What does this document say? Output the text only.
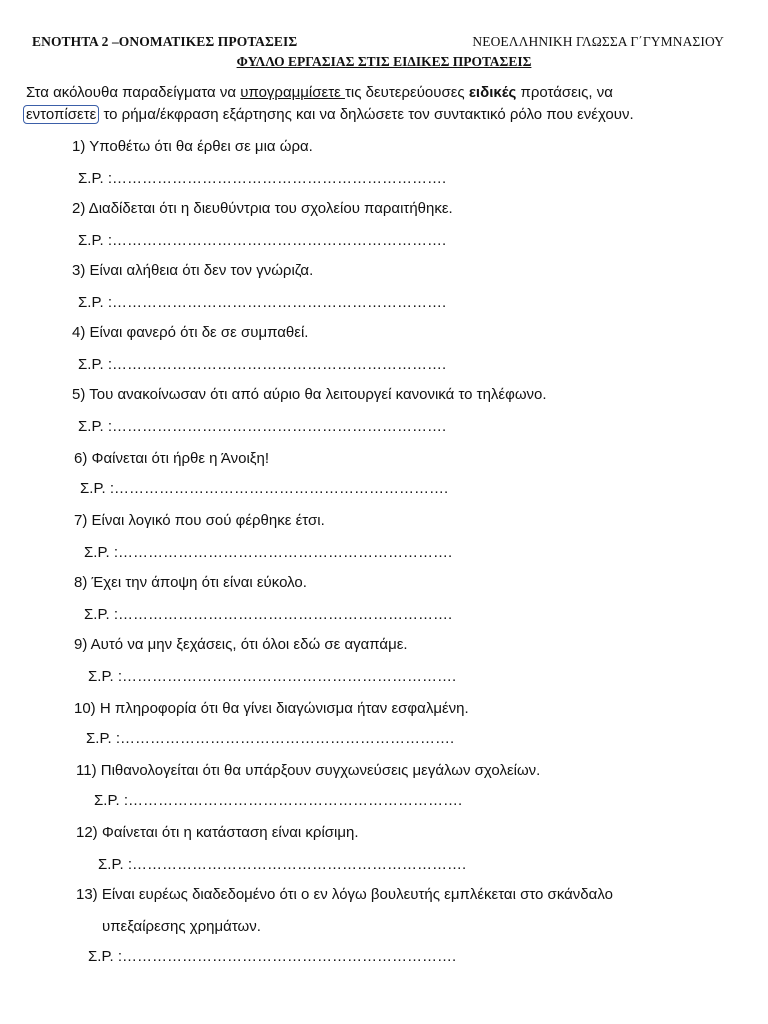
ΕΝΟΤΗΤΑ 2 –ΟΝΟΜΑΤΙΚΕΣ ΠΡΟΤΑΣΕΙΣ	ΝΕΟΕΛΛΗΝΙΚΗ ΓΛΩΣΣΑ Γ΄ΓΥΜΝΑΣΙΟΥ
ΦΥΛΛΟ ΕΡΓΑΣΙΑΣ ΣΤΙΣ ΕΙΔΙΚΕΣ ΠΡΟΤΑΣΕΙΣ
Στα ακόλουθα παραδείγματα να υπογραμμίσετε τις δευτερεύουσες ειδικές προτάσεις, να
εντοπίσετε το ρήμα/έκφραση εξάρτησης και να δηλώσετε τον συντακτικό ρόλο που ενέχουν.
1) Υποθέτω ότι θα έρθει σε μια ώρα.
Σ.Ρ. :………………………………………………………….
2) Διαδίδεται ότι η διευθύντρια του σχολείου παραιτήθηκε.
Σ.Ρ. :………………………………………………………….
3) Είναι αλήθεια ότι δεν τον γνώριζα.
Σ.Ρ. :………………………………………………………….
4) Είναι φανερό ότι δε σε συμπαθεί.
Σ.Ρ. :………………………………………………………….
5) Του ανακοίνωσαν ότι από αύριο θα λειτουργεί κανονικά το τηλέφωνο.
Σ.Ρ. :………………………………………………………….
6) Φαίνεται ότι ήρθε η Άνοιξη!
Σ.Ρ. :………………………………………………………….
7) Είναι λογικό που σού φέρθηκε έτσι.
Σ.Ρ. :………………………………………………………….
8) Έχει την άποψη ότι είναι εύκολο.
Σ.Ρ. :………………………………………………………….
9) Αυτό να μην ξεχάσεις, ότι όλοι εδώ σε αγαπάμε.
Σ.Ρ. :………………………………………………………….
10) Η πληροφορία ότι θα γίνει διαγώνισμα ήταν εσφαλμένη.
Σ.Ρ. :………………………………………………………….
11) Πιθανολογείται ότι θα υπάρξουν συγχωνεύσεις μεγάλων σχολείων.
Σ.Ρ. :………………………………………………………….
12) Φαίνεται ότι η κατάσταση είναι κρίσιμη.
Σ.Ρ. :………………………………………………………….
13) Είναι ευρέως διαδεδομένο ότι ο εν λόγω βουλευτής εμπλέκεται στο σκάνδαλο
υπεξαίρεσης χρημάτων.
Σ.Ρ. :………………………………………………………….
